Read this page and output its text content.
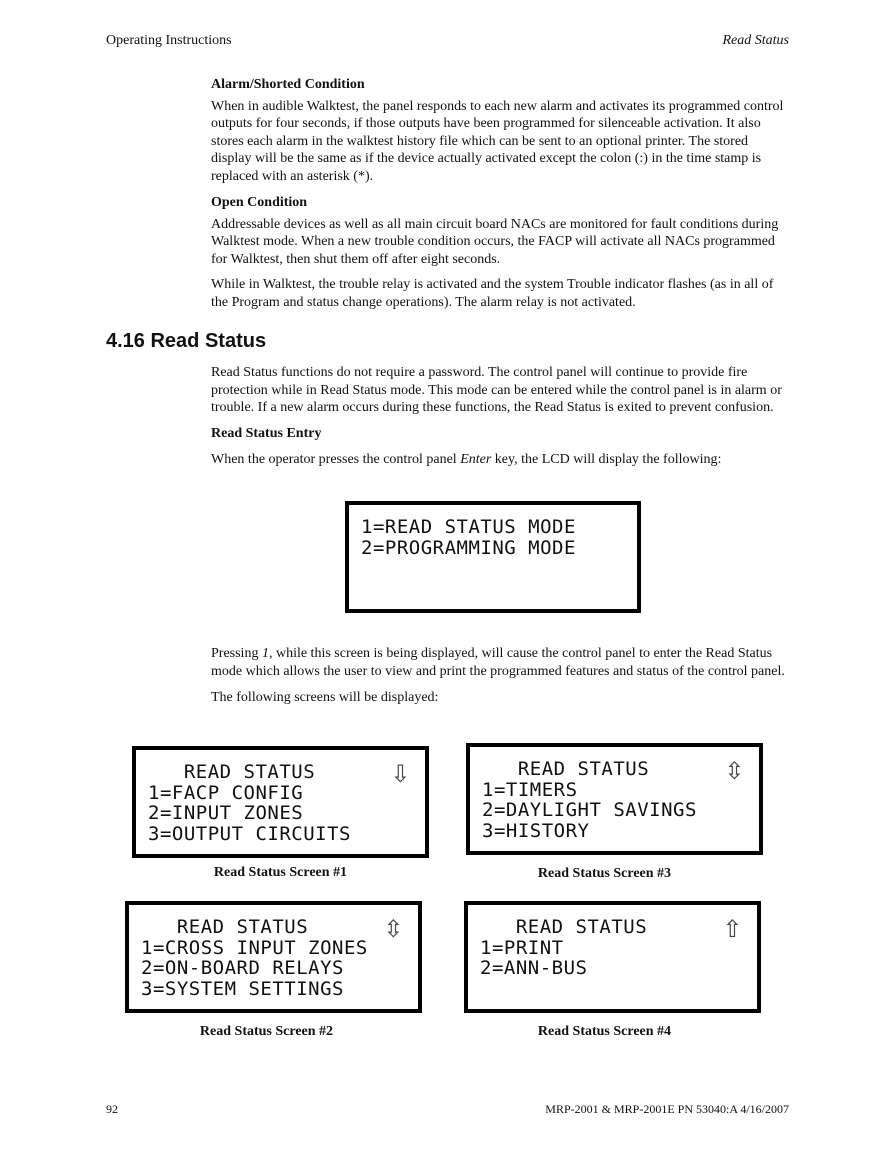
Operating Instructions	Read Status

Alarm/Shorted Condition

When in audible Walktest, the panel responds to each new alarm and activates its programmed control outputs for four seconds, if those outputs have been programmed for silenceable activation. It also stores each alarm in the walktest history file which can be sent to an optional printer. The stored display will be the same as if the device actually activated except the colon (:) in the time stamp is replaced with an asterisk (*).

Open Condition

Addressable devices as well as all main circuit board NACs are monitored for fault conditions during Walktest mode. When a new trouble condition occurs, the FACP will activate all NACs programmed for Walktest, then shut them off after eight seconds.

While in Walktest, the trouble relay is activated and the system Trouble indicator flashes (as in all of the Program and status change operations). The alarm relay is not activated.

4.16 Read Status

Read Status functions do not require a password. The control panel will continue to provide fire protection while in Read Status mode. This mode can be entered while the control panel is in alarm or trouble. If a new alarm occurs during these functions, the Read Status is exited to prevent confusion.

Read Status Entry

When the operator presses the control panel Enter key, the LCD will display the following:

1=READ STATUS MODE
2=PROGRAMMING MODE

Pressing 1, while this screen is being displayed, will cause the control panel to enter the Read Status mode which allows the user to view and print the programmed features and status of the control panel.

The following screens will be displayed:

⇩
READ STATUS
1=FACP CONFIG
2=INPUT ZONES
3=OUTPUT CIRCUITS
Read Status Screen #1
⇳
READ STATUS
1=TIMERS
2=DAYLIGHT SAVINGS
3=HISTORY
Read Status Screen #3
⇳
READ STATUS
1=CROSS INPUT ZONES
2=ON-BOARD RELAYS
3=SYSTEM SETTINGS
Read Status Screen #2
⇧
READ STATUS
1=PRINT
2=ANN-BUS
Read Status Screen #4
92	MRP-2001 & MRP-2001E PN 53040:A 4/16/2007
